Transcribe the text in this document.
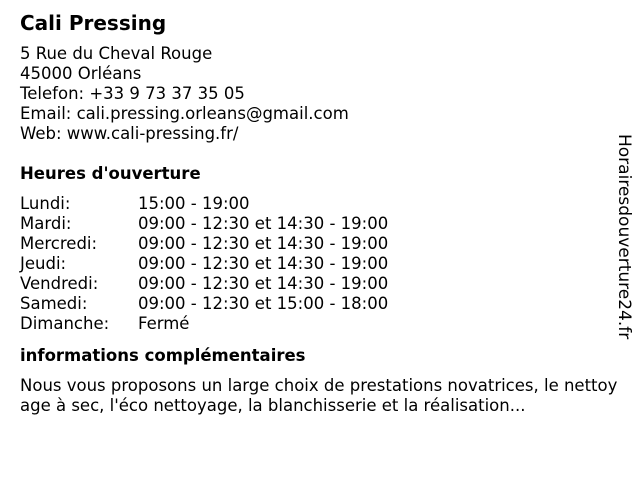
Cali Pressing
5 Rue du Cheval Rouge
45000 Orléans
Telefon: +33 9 73 37 35 05
Email: cali.pressing.orleans@gmail.com
Web: www.cali-pressing.fr/
Heures d'ouverture
Lundi:	15:00 - 19:00
Mardi:	09:00 - 12:30 et 14:30 - 19:00
Mercredi:	09:00 - 12:30 et 14:30 - 19:00
Jeudi:	09:00 - 12:30 et 14:30 - 19:00
Vendredi:	09:00 - 12:30 et 14:30 - 19:00
Samedi:	09:00 - 12:30 et 15:00 - 18:00
Dimanche:	Fermé
informations complémentaires
Nous vous proposons un large choix de prestations novatrices, le nettoyage à sec, l'éco nettoyage, la blanchisserie et la réalisation...
Horairesdouverture24.fr
